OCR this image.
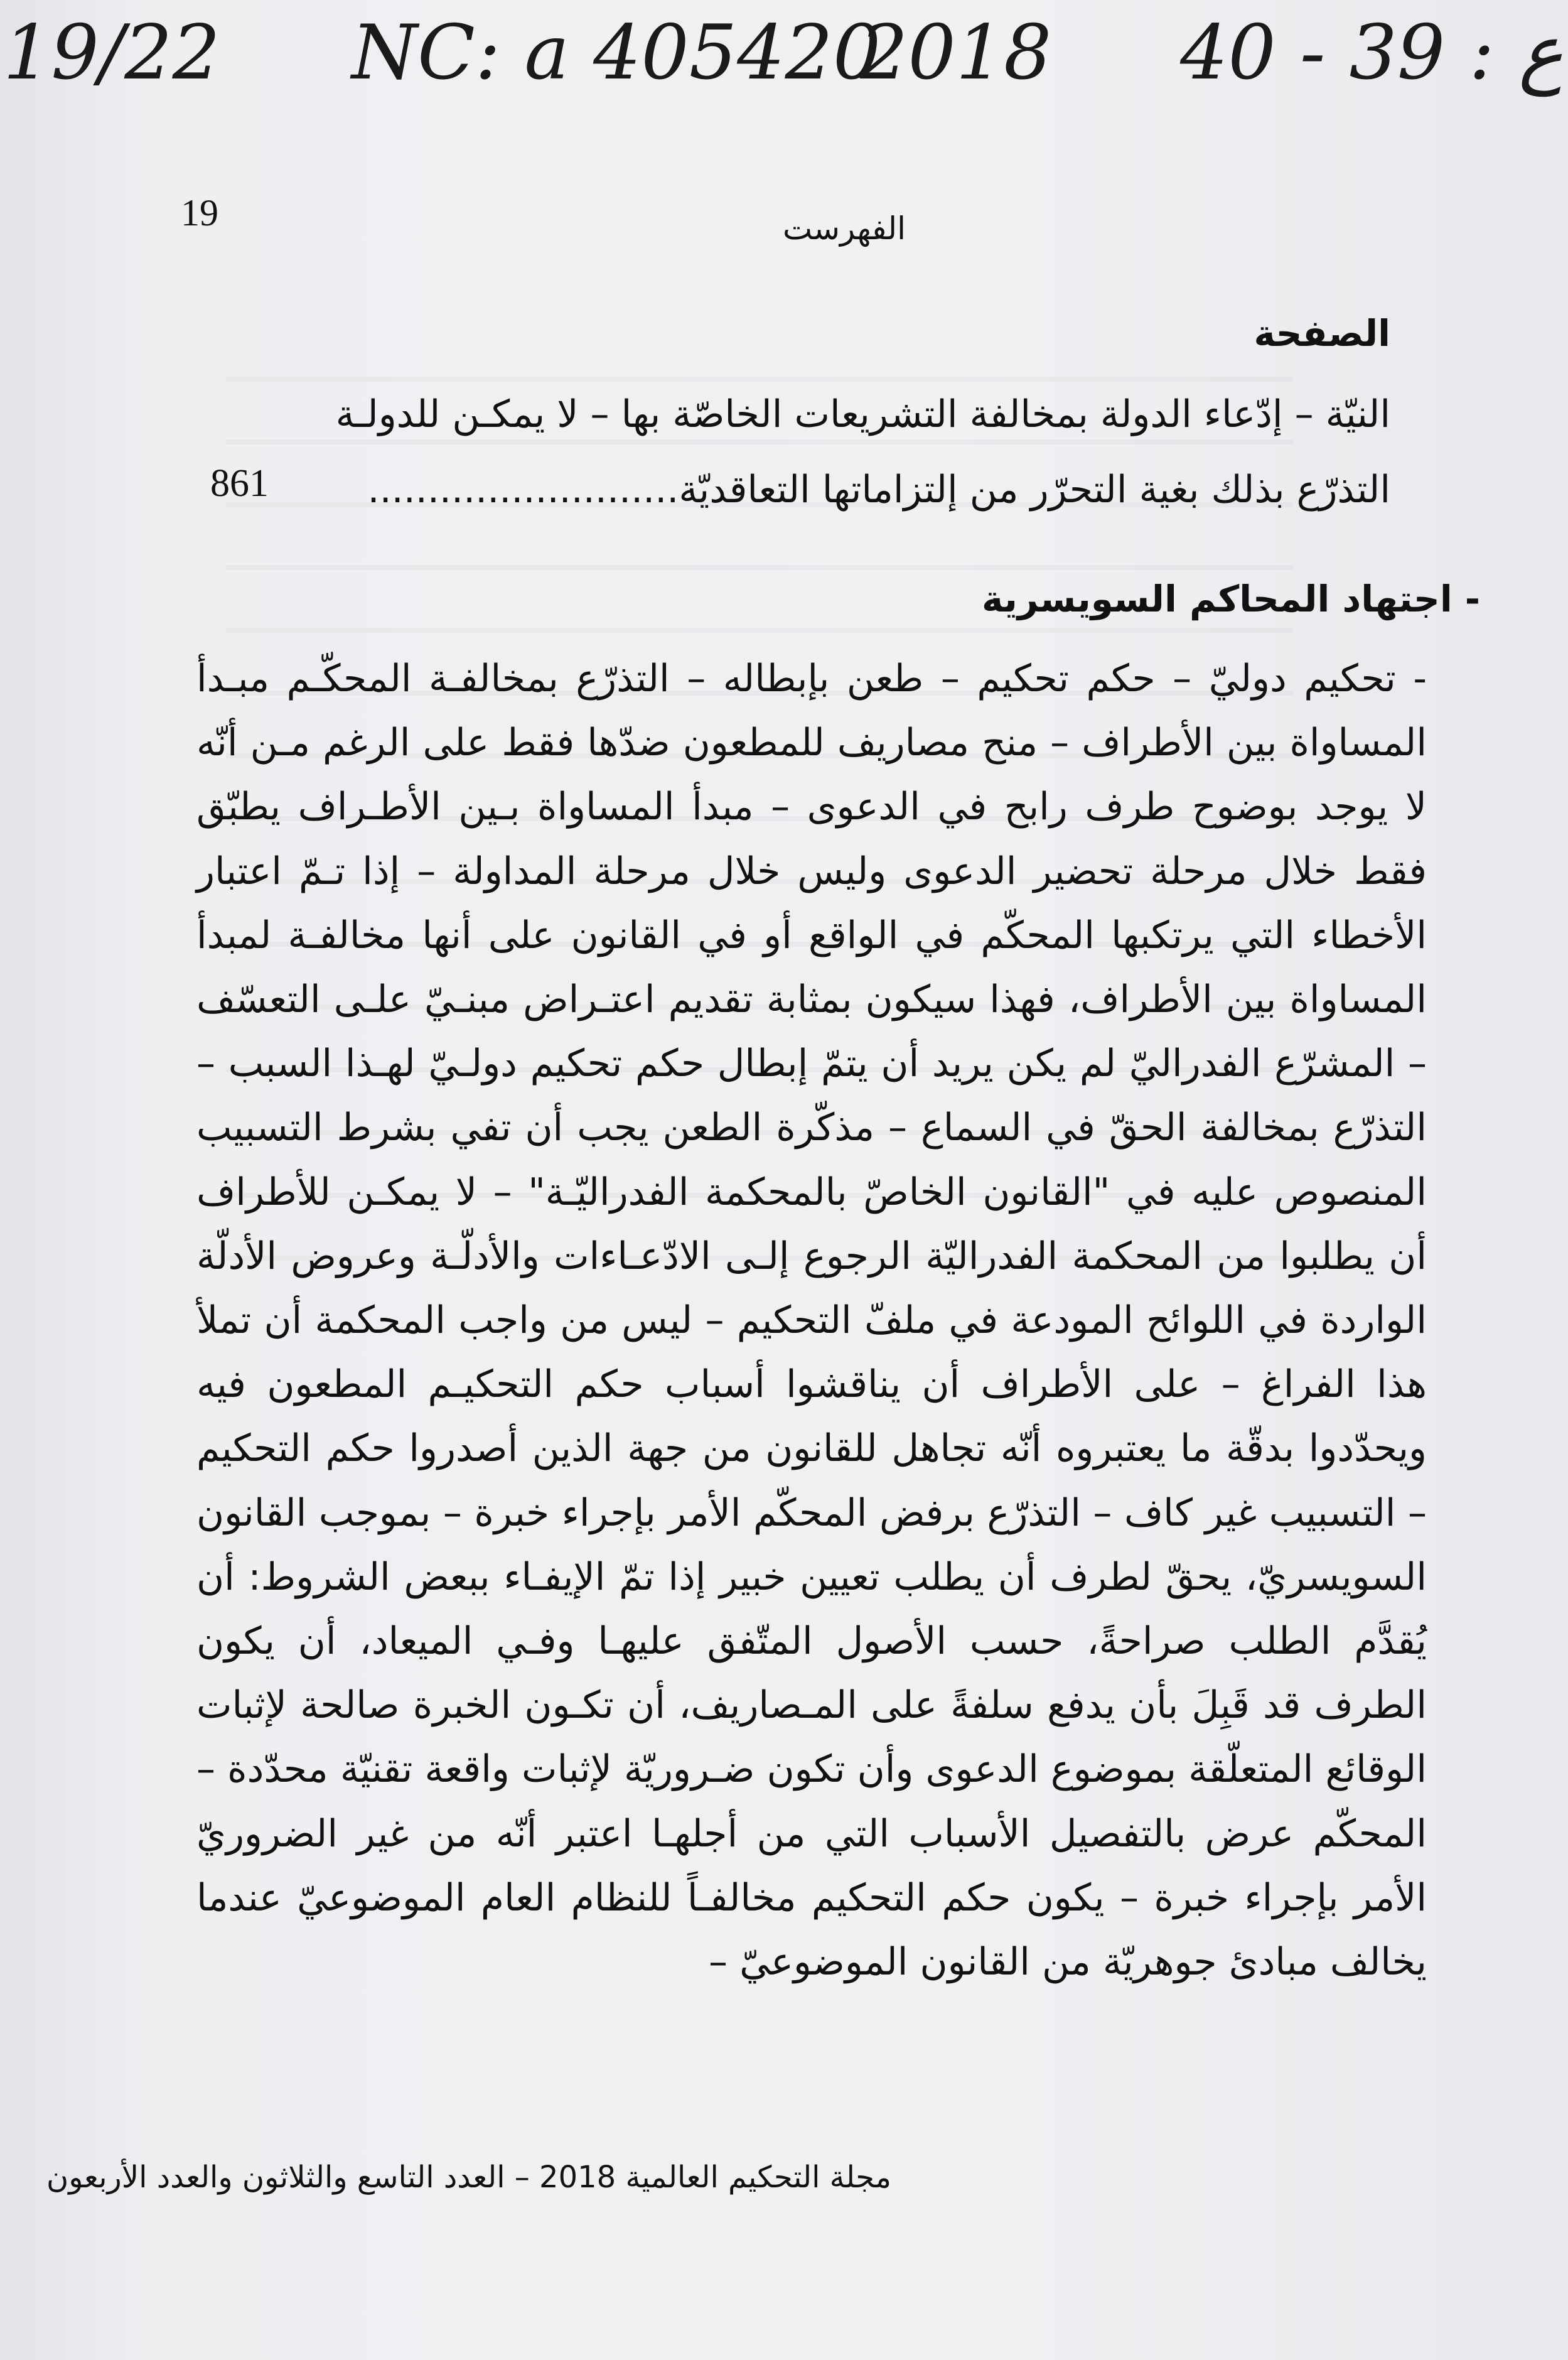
19/22 NC: a 405420
2018 40 - 39 : ع
الفهرست
19
الصفحة
النيّة – إدّعاء الدولة بمخالفة التشريعات الخاصّة بها – لا يمكـن للدولـة
التذرّع بذلك بغية التحرّر من إلتزاماتها التعاقديّة..........................
861
- اجتهاد المحاكم السويسرية
- تحكيم دوليّ – حكم تحكيم – طعن بإبطاله – التذرّع بمخالفـة المحكّـم مبـدأ المساواة بين الأطراف – منح مصاريف للمطعون ضدّها فقط على الرغم مـن أنّه لا يوجد بوضوح طرف رابح في الدعوى – مبدأ المساواة بـين الأطـراف يطبّق فقط خلال مرحلة تحضير الدعوى وليس خلال مرحلة المداولة – إذا تـمّ اعتبار الأخطاء التي يرتكبها المحكّم في الواقع أو في القانون على أنها مخالفـة لمبدأ المساواة بين الأطراف، فهذا سيكون بمثابة تقديم اعتـراض مبنـيّ علـى التعسّف – المشرّع الفدراليّ لم يكن يريد أن يتمّ إبطال حكم تحكيم دولـيّ لهـذا السبب – التذرّع بمخالفة الحقّ في السماع – مذكّرة الطعن يجب أن تفي بشرط التسبيب المنصوص عليه في "القانون الخاصّ بالمحكمة الفدراليّـة" – لا يمكـن للأطراف أن يطلبوا من المحكمة الفدراليّة الرجوع إلـى الادّعـاءات والأدلّـة وعروض الأدلّة الواردة في اللوائح المودعة في ملفّ التحكيم – ليس من واجب المحكمة أن تملأ هذا الفراغ – على الأطراف أن يناقشوا أسباب حكم التحكيـم المطعون فيه ويحدّدوا بدقّة ما يعتبروه أنّه تجاهل للقانون من جهة الذين أصدروا حكم التحكيم – التسبيب غير كاف – التذرّع برفض المحكّم الأمر بإجراء خبرة – بموجب القانون السويسريّ، يحقّ لطرف أن يطلب تعيين خبير إذا تمّ الإيفـاء ببعض الشروط: أن يُقدَّم الطلب صراحةً، حسب الأصول المتّفق عليهـا وفـي الميعاد، أن يكون الطرف قد قَبِلَ بأن يدفع سلفةً على المـصاريف، أن تكـون الخبرة صالحة لإثبات الوقائع المتعلّقة بموضوع الدعوى وأن تكون ضـروريّة لإثبات واقعة تقنيّة محدّدة – المحكّم عرض بالتفصيل الأسباب التي من أجلهـا اعتبر أنّه من غير الضروريّ الأمر بإجراء خبرة – يكون حكم التحكيم مخالفـاً للنظام العام الموضوعيّ عندما يخالف مبادئ جوهريّة من القانون الموضوعيّ –
مجلة التحكيم العالمية 2018 – العدد التاسع والثلاثون والعدد الأربعون
